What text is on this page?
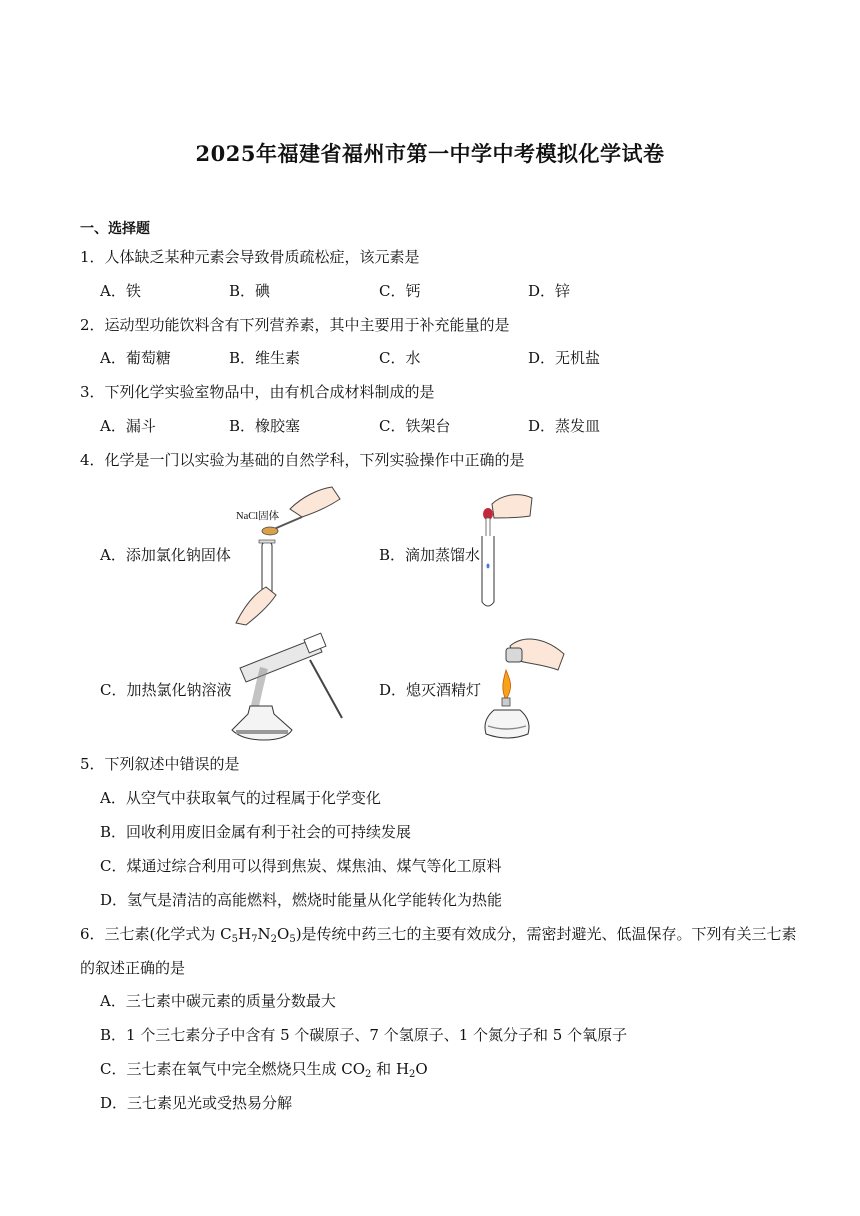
2025年福建省福州市第一中学中考模拟化学试卷
一、选择题
1．人体缺乏某种元素会导致骨质疏松症，该元素是
A．铁	B．碘	C．钙	D．锌
2．运动型功能饮料含有下列营养素，其中主要用于补充能量的是
A．葡萄糖	B．维生素	C．水	D．无机盐
3．下列化学实验室物品中，由有机合成材料制成的是
A．漏斗	B．橡胶塞	C．铁架台	D．蒸发皿
4．化学是一门以实验为基础的自然学科，下列实验操作中正确的是
A．添加氯化钠固体	B．滴加蒸馏水
C．加热氯化钠溶液	D．熄灭酒精灯
NaCl固体
5．下列叙述中错误的是
A．从空气中获取氧气的过程属于化学变化
B．回收利用废旧金属有利于社会的可持续发展
C．煤通过综合利用可以得到焦炭、煤焦油、煤气等化工原料
D．氢气是清洁的高能燃料，燃烧时能量从化学能转化为热能
6．三七素(化学式为 $C_5H_7N_2O_5$)是传统中药三七的主要有效成分，需密封避光、低温保存。下列有关三七素
的叙述正确的是
A．三七素中碳元素的质量分数最大
B．1 个三七素分子中含有 5 个碳原子、7 个氢原子、1 个氮分子和 5 个氧原子
C．三七素在氧气中完全燃烧只生成 $CO_2$ 和 $H_2O$
D．三七素见光或受热易分解
